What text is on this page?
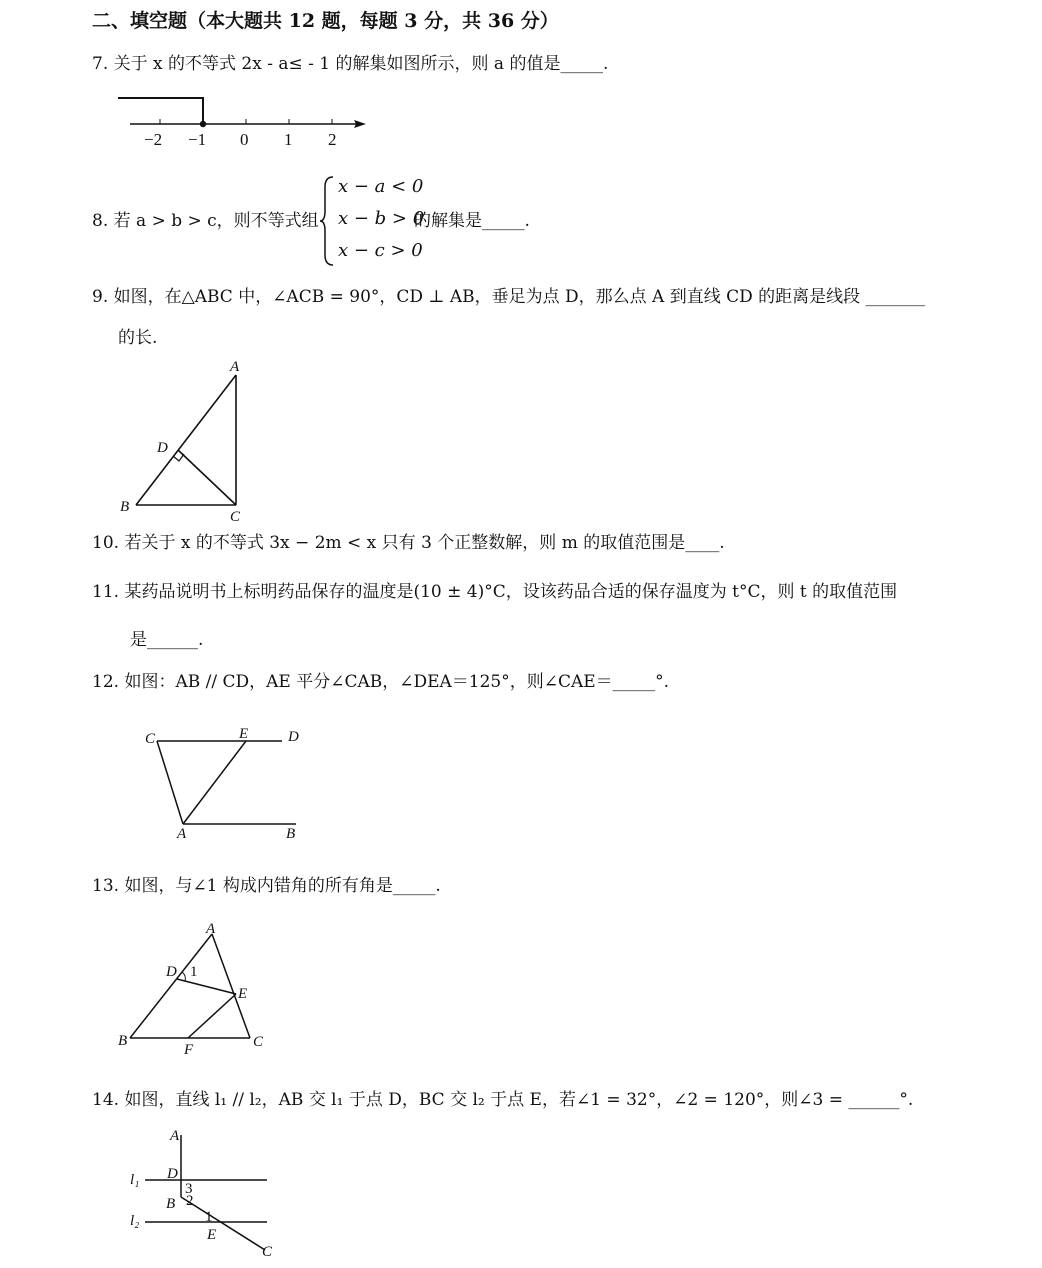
二、填空题（本大题共 12 题，每题 3 分，共 36 分）
7. 关于 x 的不等式 2x - a≤ - 1 的解集如图所示，则 a 的值是_____.
−2 −1 0 1 2
8. 若 a > b > c，则不等式组
x − a < 0
x − b > 0
x − c > 0
的解集是_____.
9. 如图，在△ABC 中，∠ACB = 90°，CD ⊥ AB，垂足为点 D，那么点 A 到直线 CD 的距离是线段 _______
的长.
A
B
C
D
10. 若关于 x 的不等式 3x − 2m < x 只有 3 个正整数解，则 m 的取值范围是____.
11. 某药品说明书上标明药品保存的温度是(10 ± 4)°C，设该药品合适的保存温度为 t°C，则 t 的取值范围
是______.
12. 如图：AB // CD，AE 平分∠CAB，∠DEA＝125°，则∠CAE＝_____°.
C	E	D
A	B
13. 如图，与∠1 构成内错角的所有角是_____.
A
D 1
E
B
F	C
14. 如图，直线 l₁ // l₂，AB 交 l₁ 于点 D，BC 交 l₂ 于点 E，若∠1 = 32°，∠2 = 120°，则∠3 = ______°.
A
D
l₁
3
B 2
l₂	1
E
C
